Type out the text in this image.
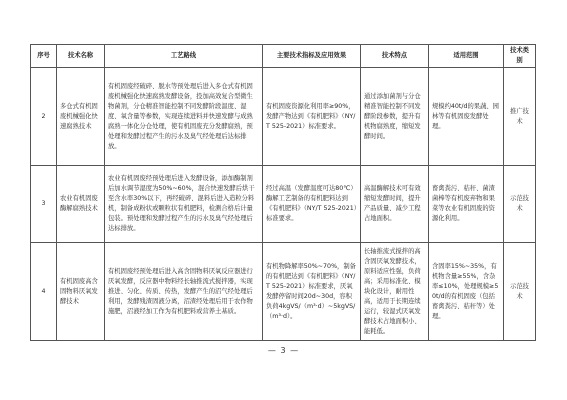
序号	技术名称	工艺路线	主要技术指标及应用效果	技术特点	适用范围	技术类别
2	多仓式有机固废机械强化快速腐熟技术	有机固废经破碎、脱水等预处理后进入多仓式有机固废机械强化快速腐熟发酵设备，投加高效复合型微生物菌剂，分仓精准智能控制不同发酵阶段温度、湿度、氧含量等参数，实现连续进料并快速发酵与成熟腐熟一体化分仓处理，使有机固废充分发酵腐熟，预处理和发酵过程产生的污水及臭气经处理后达标排放。	有机固废资源化利用率≥90%，发酵产物达到《有机肥料》（NY/T 525-2021）标准要求。	通过添加菌剂与分仓精准智能控制不同发酵阶段参数，提升有机物腐熟度，缩短发酵时间。	规模约40t/d的果蔬、园林等有机固废发酵处理。	推广技术
3	农业有机固废酶解腐熟技术	农业有机固废经预处理后进入发酵设备，添加酶制剂后加水调节湿度为50%~60%，混合快速发酵后烘干至含水率30%以下，再经破碎、混料后进入造粒分料机，制备成粉状或颗粒状有机肥料，检测合格后计量包装。预处理和发酵过程产生的污水及臭气经处理后达标排放。	经过高温（发酵温度可达80℃）酶解工艺制备的有机肥料达到《有机肥料》（NY/T 525-2021）标准要求。	高温酶解技术可有效缩短发酵时间，提升产品质量、减少工程占地面积。	畜禽粪污、秸秆、菌渣菌棒等有机废弃物和果菜等农业有机固废的资源化利用。	示范技术
4	有机固废高含固物料厌氧发酵技术	有机固废经预处理后进入高含固物料厌氧反应器进行厌氧发酵，反应器中物料经长轴推流式搅拌器，实现推进、匀化、传质、传热，发酵产生的沼气经处理后利用，发酵残渣固液分离，沼渣经处理后用于农作物施肥，沼液经加工作为有机肥料或营养土基质。	有机物降解率50%~70%，制备的有机肥达到《有机肥料》（NY/T 525-2021）标准要求，厌氧发酵停留时间20d~30d，容积负荷4kgVS/（m³·d）~5kgVS/（m³·d）。	长轴推流式搅拌的高含固厌氧发酵技术，原料适应性强，负荷高；采用标准化、模块化设计，耐用性高，适用于长期连续运行，较湿式厌氧发酵技术占地面积小、能耗低。	含固率15%~35%，有机物含量≥55%，含杂率≤10%，处理规模≥50t/d的有机固废（包括畜禽粪污、秸秆等）处理。	示范技术
— 3 —
